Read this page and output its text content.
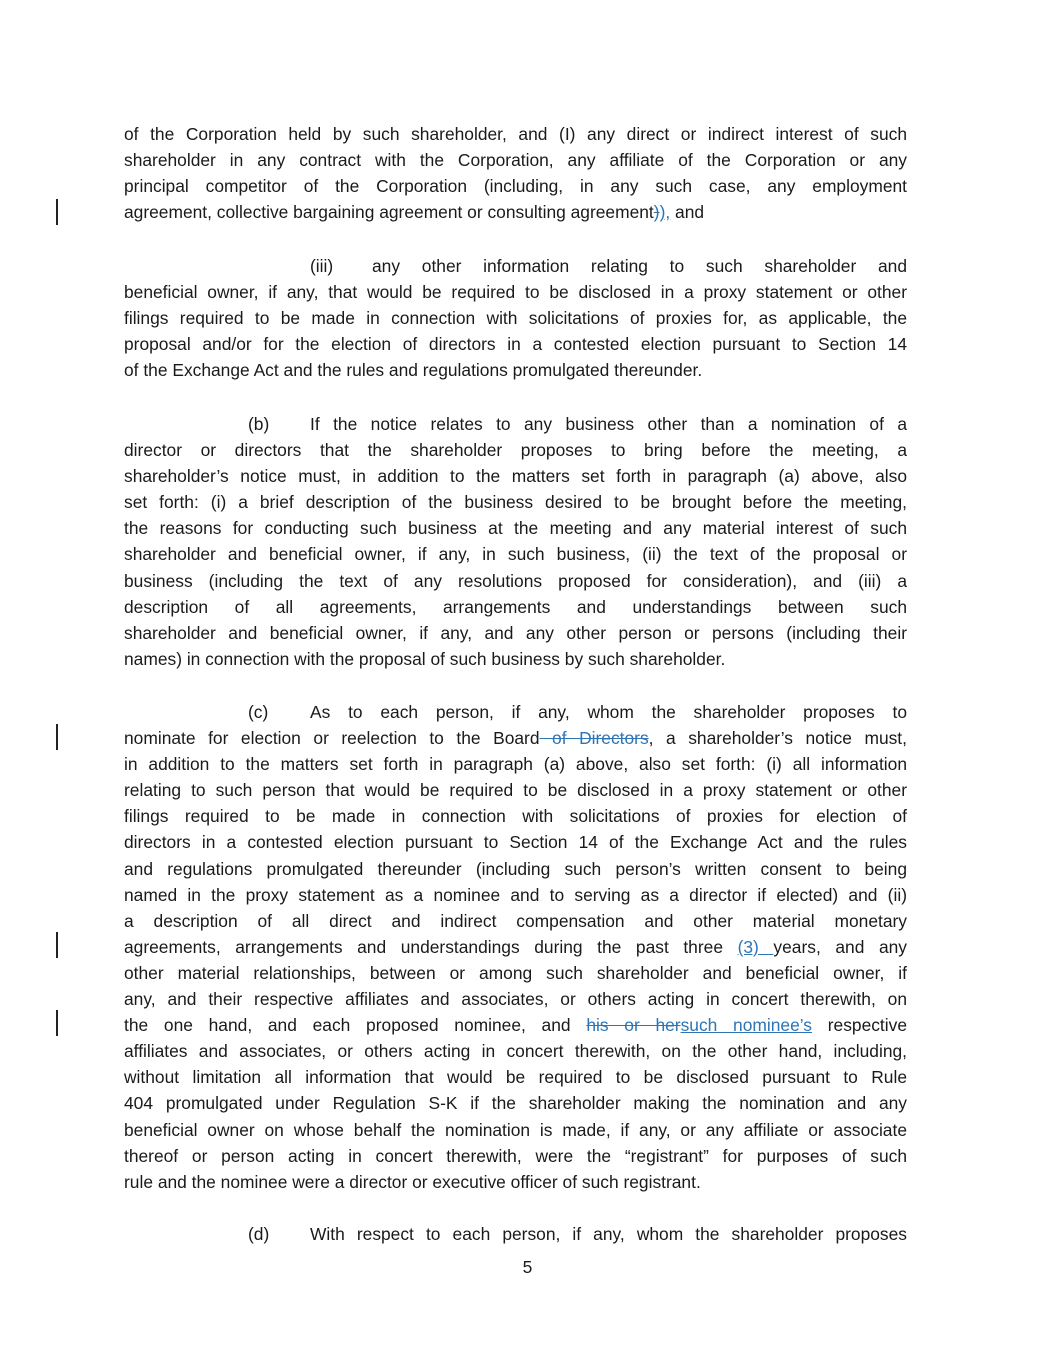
of the Corporation held by such shareholder, and (I) any direct or indirect interest of such
shareholder in any contract with the Corporation, any affiliate of the Corporation or any
principal competitor of the Corporation (including, in any such case, any employment
agreement, collective bargaining agreement or consulting agreement)), and
(iii) any other information relating to such shareholder and
beneficial owner, if any, that would be required to be disclosed in a proxy statement or other
filings required to be made in connection with solicitations of proxies for, as applicable, the
proposal and/or for the election of directors in a contested election pursuant to Section 14
of the Exchange Act and the rules and regulations promulgated thereunder.
(b) If the notice relates to any business other than a nomination of a
director or directors that the shareholder proposes to bring before the meeting, a
shareholder’s notice must, in addition to the matters set forth in paragraph (a) above, also
set forth: (i) a brief description of the business desired to be brought before the meeting,
the reasons for conducting such business at the meeting and any material interest of such
shareholder and beneficial owner, if any, in such business, (ii) the text of the proposal or
business (including the text of any resolutions proposed for consideration), and (iii) a
description of all agreements, arrangements and understandings between such
shareholder and beneficial owner, if any, and any other person or persons (including their
names) in connection with the proposal of such business by such shareholder.
(c) As to each person, if any, whom the shareholder proposes to
nominate for election or reelection to the Board of Directors, a shareholder’s notice must,
in addition to the matters set forth in paragraph (a) above, also set forth: (i) all information
relating to such person that would be required to be disclosed in a proxy statement or other
filings required to be made in connection with solicitations of proxies for election of
directors in a contested election pursuant to Section 14 of the Exchange Act and the rules
and regulations promulgated thereunder (including such person’s written consent to being
named in the proxy statement as a nominee and to serving as a director if elected) and (ii)
a description of all direct and indirect compensation and other material monetary
agreements, arrangements and understandings during the past three (3) years, and any
other material relationships, between or among such shareholder and beneficial owner, if
any, and their respective affiliates and associates, or others acting in concert therewith, on
the one hand, and each proposed nominee, and his or hersuch nominee’s respective
affiliates and associates, or others acting in concert therewith, on the other hand, including,
without limitation all information that would be required to be disclosed pursuant to Rule
404 promulgated under Regulation S-K if the shareholder making the nomination and any
beneficial owner on whose behalf the nomination is made, if any, or any affiliate or associate
thereof or person acting in concert therewith, were the “registrant” for purposes of such
rule and the nominee were a director or executive officer of such registrant.
(d) With respect to each person, if any, whom the shareholder proposes
5
